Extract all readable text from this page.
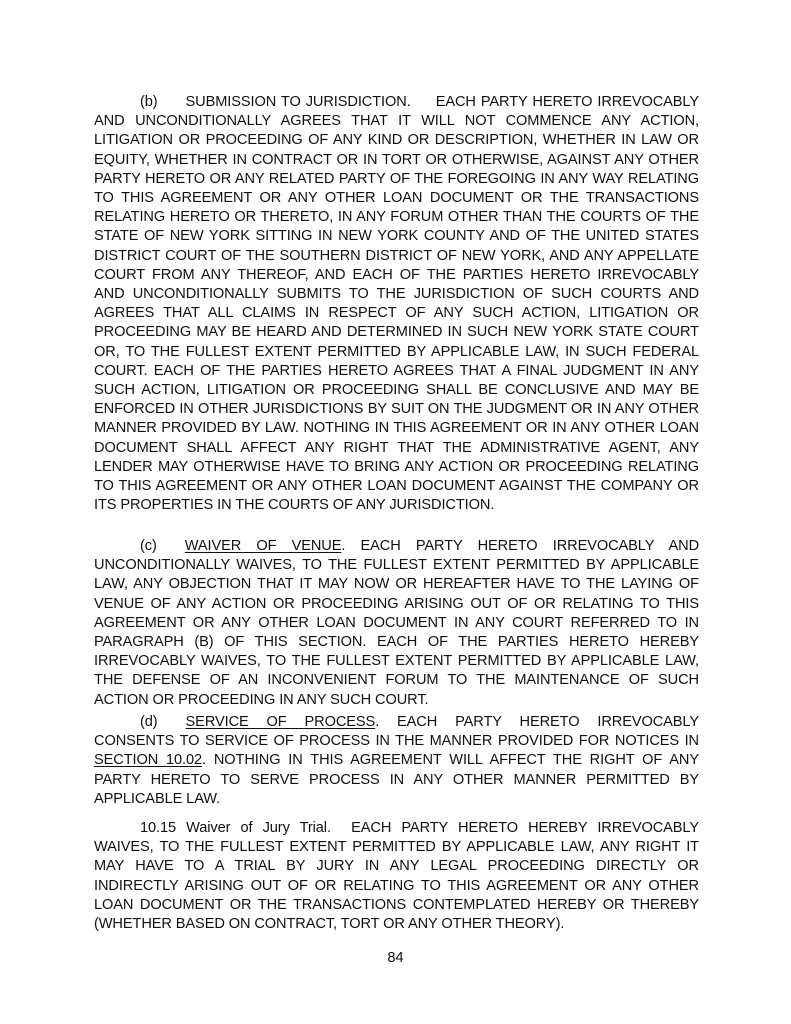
(b) SUBMISSION TO JURISDICTION. EACH PARTY HERETO IRREVOCABLY AND UNCONDITIONALLY AGREES THAT IT WILL NOT COMMENCE ANY ACTION, LITIGATION OR PROCEEDING OF ANY KIND OR DESCRIPTION, WHETHER IN LAW OR EQUITY, WHETHER IN CONTRACT OR IN TORT OR OTHERWISE, AGAINST ANY OTHER PARTY HERETO OR ANY RELATED PARTY OF THE FOREGOING IN ANY WAY RELATING TO THIS AGREEMENT OR ANY OTHER LOAN DOCUMENT OR THE TRANSACTIONS RELATING HERETO OR THERETO, IN ANY FORUM OTHER THAN THE COURTS OF THE STATE OF NEW YORK SITTING IN NEW YORK COUNTY AND OF THE UNITED STATES DISTRICT COURT OF THE SOUTHERN DISTRICT OF NEW YORK, AND ANY APPELLATE COURT FROM ANY THEREOF, AND EACH OF THE PARTIES HERETO IRREVOCABLY AND UNCONDITIONALLY SUBMITS TO THE JURISDICTION OF SUCH COURTS AND AGREES THAT ALL CLAIMS IN RESPECT OF ANY SUCH ACTION, LITIGATION OR PROCEEDING MAY BE HEARD AND DETERMINED IN SUCH NEW YORK STATE COURT OR, TO THE FULLEST EXTENT PERMITTED BY APPLICABLE LAW, IN SUCH FEDERAL COURT. EACH OF THE PARTIES HERETO AGREES THAT A FINAL JUDGMENT IN ANY SUCH ACTION, LITIGATION OR PROCEEDING SHALL BE CONCLUSIVE AND MAY BE ENFORCED IN OTHER JURISDICTIONS BY SUIT ON THE JUDGMENT OR IN ANY OTHER MANNER PROVIDED BY LAW. NOTHING IN THIS AGREEMENT OR IN ANY OTHER LOAN DOCUMENT SHALL AFFECT ANY RIGHT THAT THE ADMINISTRATIVE AGENT, ANY LENDER MAY OTHERWISE HAVE TO BRING ANY ACTION OR PROCEEDING RELATING TO THIS AGREEMENT OR ANY OTHER LOAN DOCUMENT AGAINST THE COMPANY OR ITS PROPERTIES IN THE COURTS OF ANY JURISDICTION.

(c) WAIVER OF VENUE. EACH PARTY HERETO IRREVOCABLY AND UNCONDITIONALLY WAIVES, TO THE FULLEST EXTENT PERMITTED BY APPLICABLE LAW, ANY OBJECTION THAT IT MAY NOW OR HEREAFTER HAVE TO THE LAYING OF VENUE OF ANY ACTION OR PROCEEDING ARISING OUT OF OR RELATING TO THIS AGREEMENT OR ANY OTHER LOAN DOCUMENT IN ANY COURT REFERRED TO IN PARAGRAPH (B) OF THIS SECTION. EACH OF THE PARTIES HERETO HEREBY IRREVOCABLY WAIVES, TO THE FULLEST EXTENT PERMITTED BY APPLICABLE LAW, THE DEFENSE OF AN INCONVENIENT FORUM TO THE MAINTENANCE OF SUCH ACTION OR PROCEEDING IN ANY SUCH COURT.

(d) SERVICE OF PROCESS. EACH PARTY HERETO IRREVOCABLY CONSENTS TO SERVICE OF PROCESS IN THE MANNER PROVIDED FOR NOTICES IN SECTION 10.02. NOTHING IN THIS AGREEMENT WILL AFFECT THE RIGHT OF ANY PARTY HERETO TO SERVE PROCESS IN ANY OTHER MANNER PERMITTED BY APPLICABLE LAW.

10.15 Waiver of Jury Trial. EACH PARTY HERETO HEREBY IRREVOCABLY WAIVES, TO THE FULLEST EXTENT PERMITTED BY APPLICABLE LAW, ANY RIGHT IT MAY HAVE TO A TRIAL BY JURY IN ANY LEGAL PROCEEDING DIRECTLY OR INDIRECTLY ARISING OUT OF OR RELATING TO THIS AGREEMENT OR ANY OTHER LOAN DOCUMENT OR THE TRANSACTIONS CONTEMPLATED HEREBY OR THEREBY (WHETHER BASED ON CONTRACT, TORT OR ANY OTHER THEORY).

84
